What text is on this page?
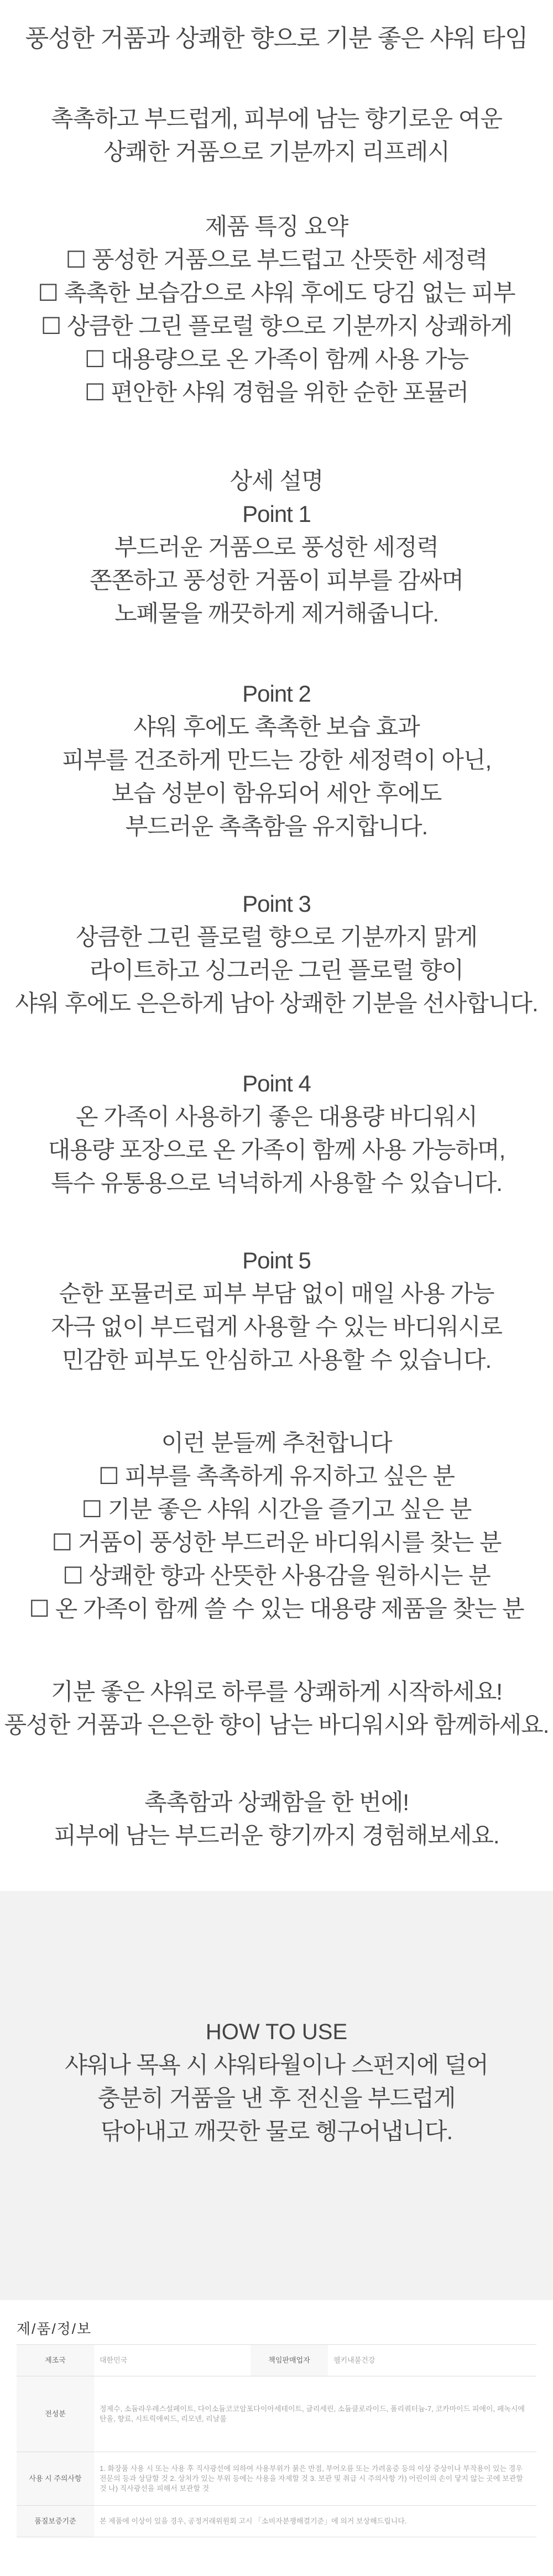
풍성한 거품과 상쾌한 향으로 기분 좋은 샤워 타임
촉촉하고 부드럽게, 피부에 남는 향기로운 여운
상쾌한 거품으로 기분까지 리프레시
제품 특징 요약
☐ 풍성한 거품으로 부드럽고 산뜻한 세정력
☐ 촉촉한 보습감으로 샤워 후에도 당김 없는 피부
☐ 상큼한 그린 플로럴 향으로 기분까지 상쾌하게
☐ 대용량으로 온 가족이 함께 사용 가능
☐ 편안한 샤워 경험을 위한 순한 포뮬러
상세 설명
Point 1
부드러운 거품으로 풍성한 세정력
쫀쫀하고 풍성한 거품이 피부를 감싸며
노폐물을 깨끗하게 제거해줍니다.
Point 2
샤워 후에도 촉촉한 보습 효과
피부를 건조하게 만드는 강한 세정력이 아닌,
보습 성분이 함유되어 세안 후에도
부드러운 촉촉함을 유지합니다.
Point 3
상큼한 그린 플로럴 향으로 기분까지 맑게
라이트하고 싱그러운 그린 플로럴 향이
샤워 후에도 은은하게 남아 상쾌한 기분을 선사합니다.
Point 4
온 가족이 사용하기 좋은 대용량 바디워시
대용량 포장으로 온 가족이 함께 사용 가능하며,
특수 유통용으로 넉넉하게 사용할 수 있습니다.
Point 5
순한 포뮬러로 피부 부담 없이 매일 사용 가능
자극 없이 부드럽게 사용할 수 있는 바디워시로
민감한 피부도 안심하고 사용할 수 있습니다.
이런 분들께 추천합니다
☐ 피부를 촉촉하게 유지하고 싶은 분
☐ 기분 좋은 샤워 시간을 즐기고 싶은 분
☐ 거품이 풍성한 부드러운 바디워시를 찾는 분
☐ 상쾌한 향과 산뜻한 사용감을 원하시는 분
☐ 온 가족이 함께 쓸 수 있는 대용량 제품을 찾는 분
기분 좋은 샤워로 하루를 상쾌하게 시작하세요!
풍성한 거품과 은은한 향이 남는 바디워시와 함께하세요.
촉촉함과 상쾌함을 한 번에!
피부에 남는 부드러운 향기까지 경험해보세요.
HOW TO USE
샤워나 목욕 시 샤워타월이나 스펀지에 덜어
충분히 거품을 낸 후 전신을 부드럽게
닦아내고 깨끗한 물로 헹구어냅니다.
제/품/정/보
제조국	대한민국	책임판매업자	웰키내불건강
전성분	정제수, 소듐라우레스설페이트, 다이소듐코코암포다이아세테이트, 글리세린, 소듐클로라이드, 폴리쿼터늄-7, 코카마이드 피에이, 페녹시에탄올, 향료, 시트릭애씨드, 리모넨, 리날룰		
사용 시 주의사항	1. 화장품 사용 시 또는 사용 후 직사광선에 의하여 사용부위가 붉은 반점, 부어오름 또는 가려움증 등의 이상 증상이나 부작용이 있는 경우 전문의 등과 상담할 것 2. 상처가 있는 부위 등에는 사용을 자제할 것 3. 보관 및 취급 시 주의사항 가) 어린이의 손이 닿지 않는 곳에 보관할 것 나) 직사광선을 피해서 보관할 것		
품질보증기준	본 제품에 이상이 있을 경우, 공정거래위원회 고시 「소비자분쟁해결기준」에 의거 보상해드립니다.		
